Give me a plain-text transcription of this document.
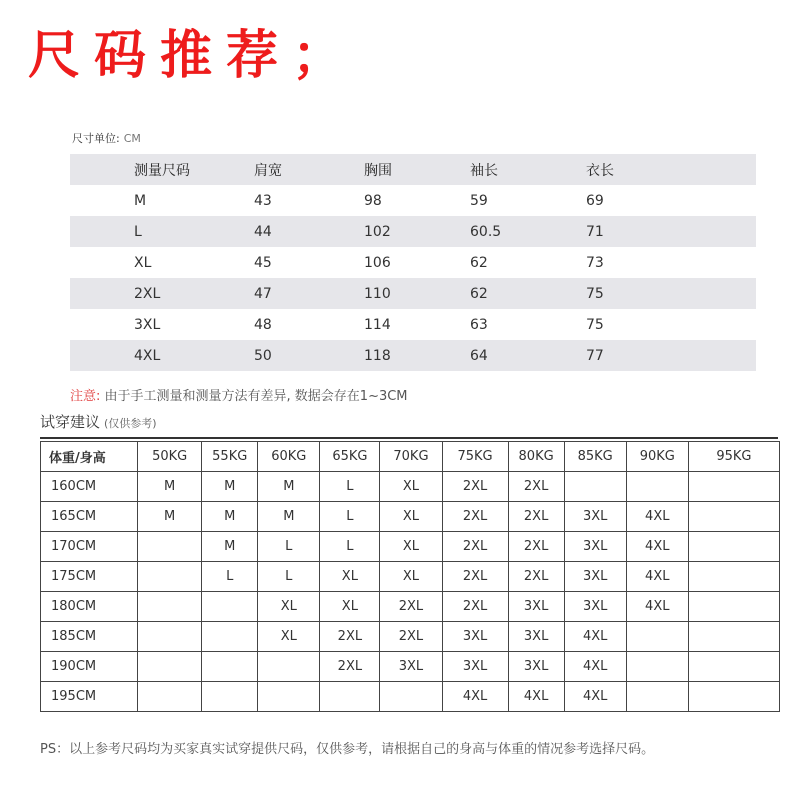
尺码推荐；
尺寸单位: CM
	测量尺码	肩宽	胸围	袖长	衣长
	M	43	98	59	69
	L	44	102	60.5	71
	XL	45	106	62	73
	2XL	47	110	62	75
	3XL	48	114	63	75
	4XL	50	118	64	77
注意: 由于手工测量和测量方法有差异, 数据会存在1~3CM
试穿建议 (仅供参考)
体重/身高	50KG	55KG	60KG	65KG	70KG	75KG	80KG	85KG	90KG	95KG
160CM	M	M	M	L	XL	2XL	2XL			
165CM	M	M	M	L	XL	2XL	2XL	3XL	4XL	
170CM		M	L	L	XL	2XL	2XL	3XL	4XL	
175CM		L	L	XL	XL	2XL	2XL	3XL	4XL	
180CM			XL	XL	2XL	2XL	3XL	3XL	4XL	
185CM			XL	2XL	2XL	3XL	3XL	4XL		
190CM				2XL	3XL	3XL	3XL	4XL		
195CM						4XL	4XL	4XL		
PS：以上参考尺码均为买家真实试穿提供尺码，仅供参考，请根据自己的身高与体重的情况参考选择尺码。
